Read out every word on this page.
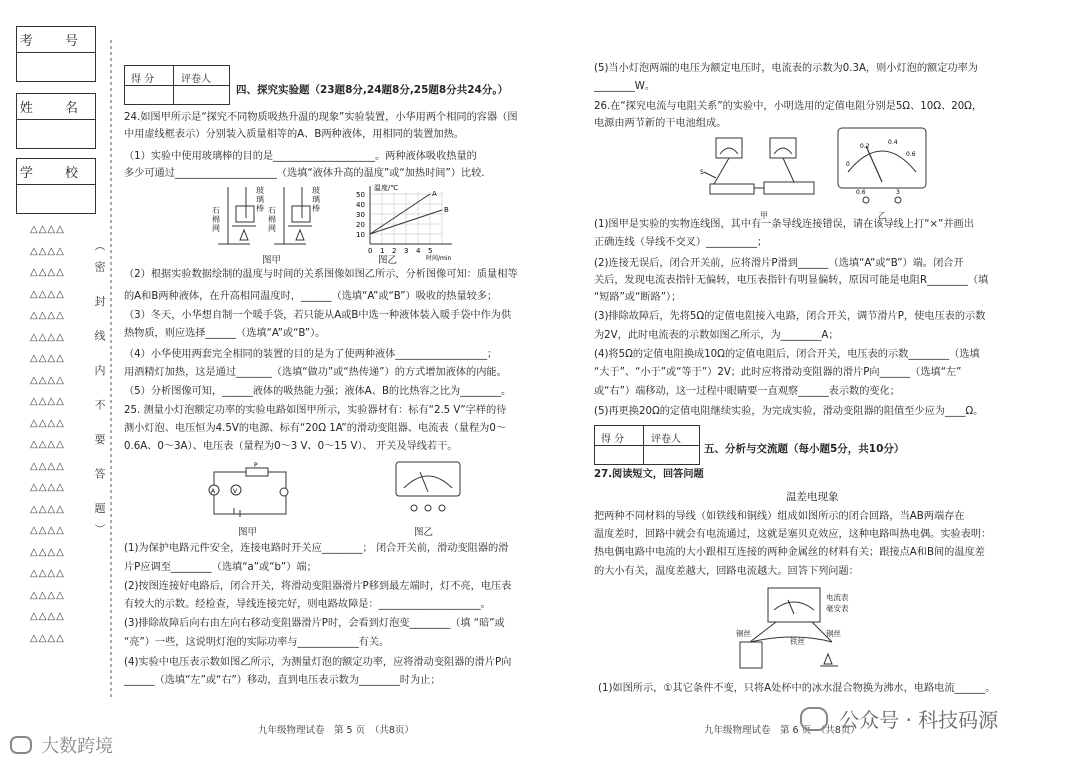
考 号
姓 名
学 校
△△△△
△△△△
△△△△
△△△△
△△△△
△△△△
△△△△
△△△△
△△△△
△△△△
△△△△
△△△△
△△△△
△△△△
△△△△
△△△△
△△△△
△△△△
△△△△
△△△△
（密 封 线 内 不 要 答 题）
得 分	评卷人
四、探究实验题（23题8分,24题8分,25题8分共24分。）
24.如图甲所示是“探究不同物质吸热升温的现象”实验装置，小华用两个相同的容器（图
中用虚线框表示）分别装入质量相等的A、B两种液体，用相同的装置加热。
（1）实验中使用玻璃棒的目的是____________________。两种液体吸收热量的
多少可通过____________________（选填“液体升高的温度”或“加热时间”）比较.
（2）根据实验数据绘制的温度与时间的关系图像如图乙所示，分析图像可知：质量相等
的A和B两种液体，在升高相同温度时，______（选填“A”或“B”）吸收的热量较多；
（3）冬天，小华想自制一个暖手袋，若只能从A或B中选一种液体装入暖手袋中作为供
热物质，则应选择______（选填“A”或“B”）。
（4）小华使用两套完全相同的装置的目的是为了使两种液体__________________；
用酒精灯加热，这是通过_______（选填“做功”或“热传递”）的方式增加液体的内能。
（5）分析图像可知，______液体的吸热能力强；液体A、B的比热容之比为________。
玻璃棒
石棉网
玻璃棒
石棉网
图甲
温度/℃
时间/min
A
B
50
40
30
20
10
0 1 2 3 4 5
图乙
25. 测量小灯泡额定功率的实验电路如图甲所示，实验器材有：标有“2.5 V”字样的待
测小灯泡、电压恒为4.5V的电源、标有“20Ω 1A”的滑动变阻器、电流表（量程为0～
0.6A、0～3A）、电压表（量程为0～3 V、0～15 V）、 开关及导线若干。
(1)为保护电路元件安全，连接电路时开关应________； 闭合开关前，滑动变阻器的滑
片P应调至________（选填“a”或“b”）端；
(2)按图连接好电路后，闭合开关，将滑动变阻器滑片P移到最左端时，灯不亮，电压表
有较大的示数。经检查，导线连接完好，则电路故障是：____________________。
(3)排除故障后向右由左向右移动变阻器滑片P时，会看到灯泡变________（填 “暗”或
“亮”）一些，这说明灯泡的实际功率与____________有关。
(4)实验中电压表示数如图乙所示，为测量灯泡的额定功率，应将滑动变阻器的滑片P向
______（选填“左”或“右”）移动，直到电压表示数为________时为止；
A	V
P
图甲	图乙
九年级物理试卷　第 5 页　（共8页）
(5)当小灯泡两端的电压为额定电压时，电流表的示数为0.3A，则小灯泡的额定功率为
________W。
26.在“探究电流与电阻关系”的实验中，小明选用的定值电阻分别是5Ω、10Ω、20Ω，
电源由两节新的干电池组成。
(1)图甲是实验的实物连线图，其中有一条导线连接错误，请在该导线上打“×”并画出
正确连线（导线不交叉）__________；
(2)连接无误后，闭合开关前，应将滑片P滑到______（选填“A”或“B”）端。闭合开
关后，发现电流表指针无偏转，电压表指针有明显偏转，原因可能是电阻R________（填
“短路”或“断路”）；
(3)排除故障后，先将5Ω的定值电阻接入电路，闭合开关，调节滑片P，使电压表的示数
为2V，此时电流表的示数如图乙所示，为________A；
(4)将5Ω的定值电阻换成10Ω的定值电阻后，闭合开关，电压表的示数________（选填
“大于”、“小于”或“等于”）2V；此时应将滑动变阻器的滑片P向______（选填“左”
或“右”）端移动，这一过程中眼睛要一直观察______表示数的变化；
(5)再更换20Ω的定值电阻继续实验，为完成实验，滑动变阻器的阻值至少应为____Ω。
S
甲
0
0.2
0.4
0.6
0.6	3
乙
得 分	评卷人
五、分析与交流题（每小题5分，共10分）
27.阅读短文，回答问题
温差电现象
把两种不同材料的导线（如铁线和铜线）组成如图所示的闭合回路，当AB两端存在
温度差时，回路中就会有电流通过，这就是塞贝克效应，这种电路叫热电偶。实验表明：
热电偶电路中电流的大小跟相互连接的两种金属丝的材料有关；跟接点A和B间的温度差
的大小有关，温度差越大，回路电流越大。回答下列问题：
电流表
毫安表
铜丝
铁丝
铜丝
(1)如图所示，①其它条件不变，只将A处杯中的冰水混合物换为沸水，电路电流______。
九年级物理试卷　第 6 页　（共8页）
大数跨境
公众号 · 科技码源
